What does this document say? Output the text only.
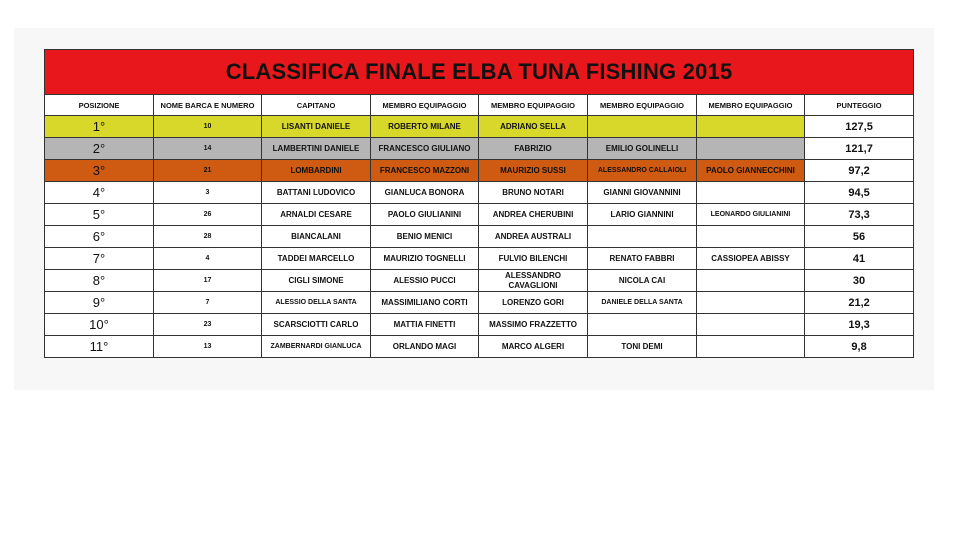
CLASSIFICA FINALE ELBA TUNA FISHING 2015							
POSIZIONE	NOME BARCA E NUMERO	CAPITANO	MEMBRO EQUIPAGGIO	MEMBRO EQUIPAGGIO	MEMBRO EQUIPAGGIO	MEMBRO EQUIPAGGIO	PUNTEGGIO
1°	10	LISANTI DANIELE	ROBERTO MILANE	ADRIANO SELLA			127,5
2°	14	LAMBERTINI DANIELE	FRANCESCO GIULIANO	FABRIZIO	EMILIO GOLINELLI		121,7
3°	21	LOMBARDINI	FRANCESCO MAZZONI	MAURIZIO SUSSI	ALESSANDRO CALLAIOLI	PAOLO GIANNECCHINI	97,2
4°	3	BATTANI LUDOVICO	GIANLUCA BONORA	BRUNO NOTARI	GIANNI GIOVANNINI		94,5
5°	26	ARNALDI CESARE	PAOLO GIULIANINI	ANDREA CHERUBINI	LARIO GIANNINI	LEONARDO GIULIANINI	73,3
6°	28	BIANCALANI	BENIO MENICI	ANDREA AUSTRALI			56
7°	4	TADDEI MARCELLO	MAURIZIO TOGNELLI	FULVIO BILENCHI	RENATO FABBRI	CASSIOPEA ABISSY	41
8°	17	CIGLI SIMONE	ALESSIO PUCCI	ALESSANDRO CAVAGLIONI	NICOLA CAI		30
9°	7	ALESSIO DELLA SANTA	MASSIMILIANO CORTI	LORENZO GORI	DANIELE DELLA SANTA		21,2
10°	23	SCARSCIOTTI CARLO	MATTIA FINETTI	MASSIMO FRAZZETTO			19,3
11°	13	ZAMBERNARDI GIANLUCA	ORLANDO MAGI	MARCO ALGERI	TONI DEMI		9,8
